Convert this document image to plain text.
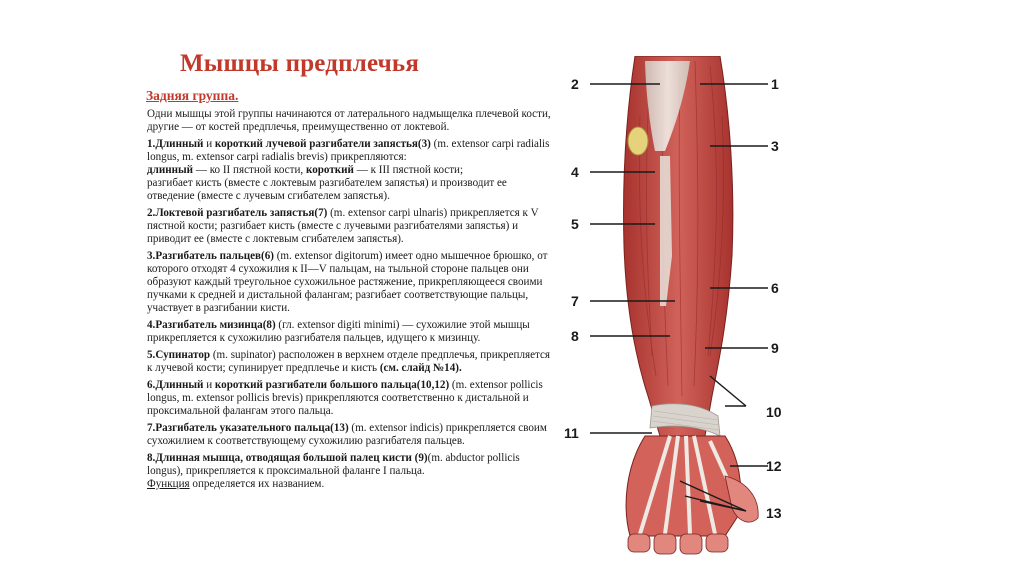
Мышцы предплечья
Задняя группа.
Одни мышцы этой группы начинаются от латерального надмыщелка плечевой кости, другие — от костей предплечья, преимущественно от локтевой.

1.Длинный и короткий лучевой разгибатели запястья(3) (m. extensor carpi radialis longus, m. extensor carpi radialis brevis) прикрепляются:

длинный — ко II пястной кости, короткий — к III пястной кости;

разгибает кисть (вместе с локтевым разгибателем запястья) и производит ее отведение (вместе с лучевым сгибателем запястья).

2.Локтевой разгибатель запястья(7) (m. extensor carpi ulnaris) прикрепляется к V пястной кости; разгибает кисть (вместе с лучевыми разгибателями запястья) и приводит ее (вместе с локтевым сгибателем запястья).

3.Разгибатель пальцев(6) (m. extensor digitorum) имеет одно мышечное брюшко, от которого отходят 4 сухожилия к II—V пальцам, на тыльной стороне пальцев они образуют каждый треугольное сухожильное растяжение, прикрепляющееся своими пучками к средней и дистальной фалангам; разгибает соответствующие пальцы, участвует в разгибании кисти.

4.Разгибатель мизинца(8) (гл. extensor digiti minimi) — сухожилие этой мышцы прикрепляется к сухожилию разгибателя пальцев, идущего к мизинцу.

5.Супинатор (m. supinator) расположен в верхнем отделе предплечья, прикрепляется к лучевой кости; супинирует предплечье и кисть (см. слайд №14).

6.Длинный и короткий разгибатели большого пальца(10,12) (m. extensor pollicis longus, m. extensor pollicis brevis) прикрепляются соответственно к дистальной и проксимальной фалангам этого пальца.

7.Разгибатель указательного пальца(13) (m. extensor indicis) прикрепляется своим сухожилием к соответствующему сухожилию разгибателя пальцев.

8.Длинная мышца, отводящая большой палец кисти (9)(m. abductor pollicis longus), прикрепляется к проксимальной фаланге I пальца.

Функция определяется их названием.

2	1
3
4
5
6
7
8
9
10
11
12
13
